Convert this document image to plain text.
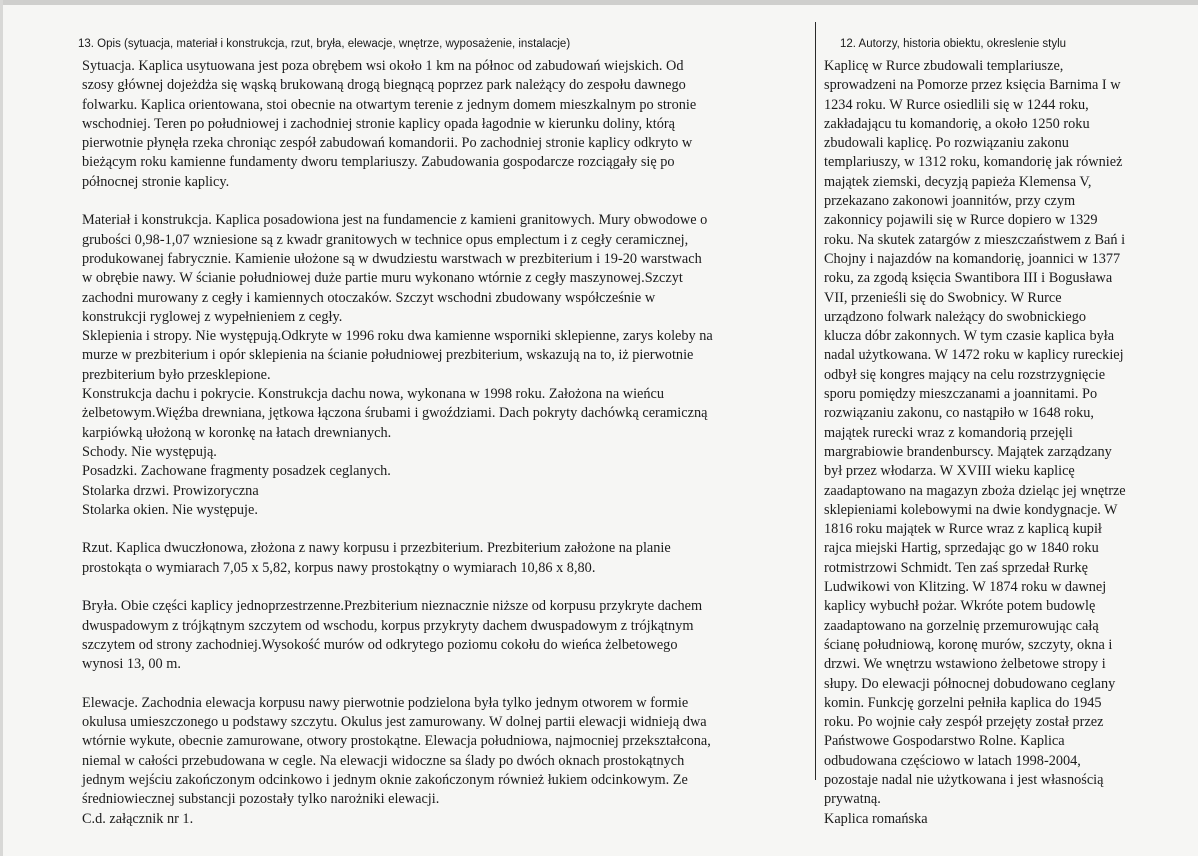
13. Opis (sytuacja, materiał i konstrukcja, rzut, bryła, elewacje, wnętrze, wyposażenie, instalacje)
Sytuacja. Kaplica usytuowana jest poza obrębem wsi około 1 km na północ od zabudowań wiejskich. Od
szosy głównej dojeżdża się wąską brukowaną drogą biegnącą poprzez park należący do zespołu dawnego
folwarku. Kaplica orientowana, stoi obecnie na otwartym terenie z jednym domem mieszkalnym po stronie
wschodniej. Teren po południowej i zachodniej stronie kaplicy opada łagodnie w kierunku doliny, którą
pierwotnie płynęła rzeka chroniąc zespół zabudowań komandorii. Po zachodniej stronie kaplicy odkryto w
bieżącym roku kamienne fundamenty dworu templariuszy. Zabudowania gospodarcze rozciągały się po
północnej stronie kaplicy.
Materiał i konstrukcja. Kaplica posadowiona jest na fundamencie z kamieni granitowych. Mury obwodowe o
grubości 0,98-1,07 wzniesione są z kwadr granitowych w technice opus emplectum i z cegły ceramicznej,
produkowanej fabrycznie. Kamienie ułożone są w dwudziestu warstwach w prezbiterium i 19-20 warstwach
w obrębie nawy. W ścianie południowej duże partie muru wykonano wtórnie z cegły maszynowej.Szczyt
zachodni murowany z cegły i kamiennych otoczaków. Szczyt wschodni zbudowany współcześnie w
konstrukcji ryglowej z wypełnieniem z cegły.
Sklepienia i stropy. Nie występują.Odkryte w 1996 roku dwa kamienne wsporniki sklepienne, zarys koleby na
murze w prezbiterium i opór sklepienia na ścianie południowej prezbiterium, wskazują na to, iż pierwotnie
prezbiterium było przesklepione.
Konstrukcja dachu i pokrycie. Konstrukcja dachu nowa, wykonana w 1998 roku. Założona na wieńcu
żelbetowym.Więźba drewniana, jętkowa łączona śrubami i gwoździami. Dach pokryty dachówką ceramiczną
karpiówką ułożoną w koronkę na łatach drewnianych.
Schody. Nie występują.
Posadzki. Zachowane fragmenty posadzek ceglanych.
Stolarka drzwi. Prowizoryczna
Stolarka okien. Nie występuje.
Rzut. Kaplica dwuczłonowa, złożona z nawy korpusu i przezbiterium. Prezbiterium założone na planie
prostokąta o wymiarach 7,05 x 5,82, korpus nawy prostokątny o wymiarach 10,86 x 8,80.
Bryła. Obie części kaplicy jednoprzestrzenne.Prezbiterium nieznacznie niższe od korpusu przykryte dachem
dwuspadowym z trójkątnym szczytem od wschodu, korpus przykryty dachem dwuspadowym z trójkątnym
szczytem od strony zachodniej.Wysokość murów od odkrytego poziomu cokołu do wieńca żelbetowego
wynosi 13, 00 m.
Elewacje. Zachodnia elewacja korpusu nawy pierwotnie podzielona była tylko jednym otworem w formie
okulusa umieszczonego u podstawy szczytu. Okulus jest zamurowany. W dolnej partii elewacji widnieją dwa
wtórnie wykute, obecnie zamurowane, otwory prostokątne. Elewacja południowa, najmocniej przekształcona,
niemal w całości przebudowana w cegle. Na elewacji widoczne sa ślady po dwóch oknach prostokątnych
jednym wejściu zakończonym odcinkowo i jednym oknie zakończonym również łukiem odcinkowym. Ze
średniowiecznej substancji pozostały tylko narożniki elewacji.
C.d. załącznik nr 1.
12. Autorzy, historia obiektu, okreslenie stylu
Kaplicę w Rurce zbudowali templariusze,
sprowadzeni na Pomorze przez księcia Barnima I w
1234 roku. W Rurce osiedlili się w 1244 roku,
zakładającu tu komandorię, a około 1250 roku
zbudowali kaplicę. Po rozwiązaniu zakonu
templariuszy, w 1312 roku, komandorię jak również
majątek ziemski, decyzją papieża Klemensa V,
przekazano zakonowi joannitów, przy czym
zakonnicy pojawili się w Rurce dopiero w 1329
roku. Na skutek zatargów z mieszczaństwem z Bań i
Chojny i najazdów na komandorię, joannici w 1377
roku, za zgodą księcia Swantibora III i Bogusława
VII, przenieśli się do Swobnicy. W Rurce
urządzono folwark należący do swobnickiego
klucza dóbr zakonnych. W tym czasie kaplica była
nadal użytkowana. W 1472 roku w kaplicy rureckiej
odbył się kongres mający na celu rozstrzygnięcie
sporu pomiędzy mieszczanami a joannitami. Po
rozwiązaniu zakonu, co nastąpiło w 1648 roku,
majątek rurecki wraz z komandorią przejęli
margrabiowie brandenburscy. Majątek zarządzany
był przez włodarza. W XVIII wieku kaplicę
zaadaptowano na magazyn zboża dzieląc jej wnętrze
sklepieniami kolebowymi na dwie kondygnacje. W
1816 roku majątek w Rurce wraz z kaplicą kupił
rajca miejski Hartig, sprzedając go w 1840 roku
rotmistrzowi Schmidt. Ten zaś sprzedał Rurkę
Ludwikowi von Klitzing. W 1874 roku w dawnej
kaplicy wybuchł pożar. Wkróte potem budowlę
zaadaptowano na gorzelnię przemurowując całą
ścianę południową, koronę murów, szczyty, okna i
drzwi. We wnętrzu wstawiono żelbetowe stropy i
słupy. Do elewacji północnej dobudowano ceglany
komin. Funkcję gorzelni pełniła kaplica do 1945
roku. Po wojnie cały zespół przejęty został przez
Państwowe Gospodarstwo Rolne. Kaplica
odbudowana częściowo w latach 1998-2004,
pozostaje nadal nie użytkowana i jest własnością
prywatną.
Kaplica romańska
